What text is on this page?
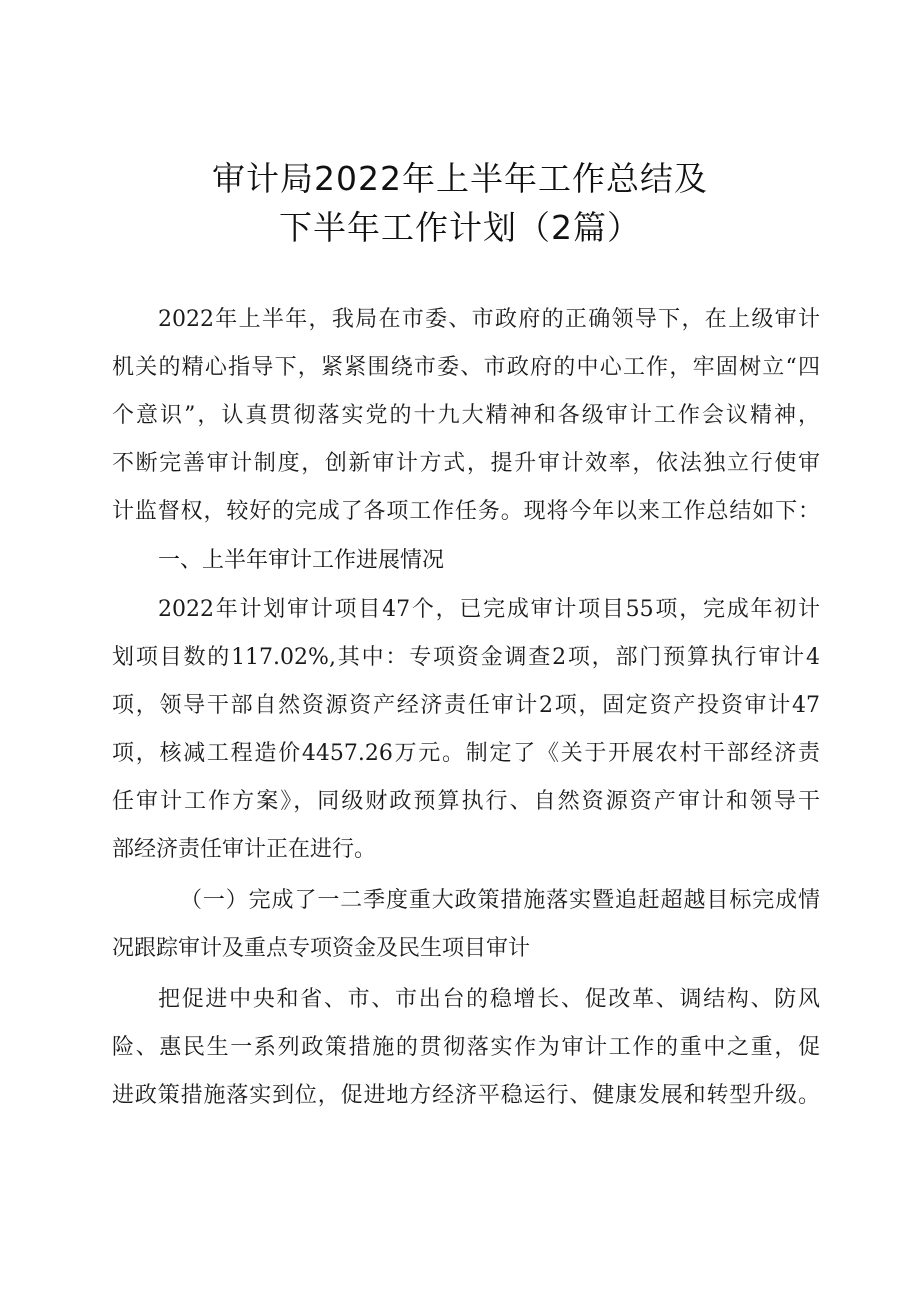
审计局2022年上半年工作总结及
下半年工作计划（2篇）
2022年上半年，我局在市委、市政府的正确领导下，在上级审计
机关的精心指导下，紧紧围绕市委、市政府的中心工作，牢固树立“四
个意识”，认真贯彻落实党的十九大精神和各级审计工作会议精神，
不断完善审计制度，创新审计方式，提升审计效率，依法独立行使审
计监督权，较好的完成了各项工作任务。现将今年以来工作总结如下：
一、上半年审计工作进展情况
2022年计划审计项目47个，已完成审计项目55项，完成年初计
划项目数的117.02%,其中：专项资金调查2项，部门预算执行审计4
项，领导干部自然资源资产经济责任审计2项，固定资产投资审计47
项，核减工程造价4457.26万元。制定了《关于开展农村干部经济责
任审计工作方案》，同级财政预算执行、自然资源资产审计和领导干
部经济责任审计正在进行。
（一）完成了一二季度重大政策措施落实暨追赶超越目标完成情
况跟踪审计及重点专项资金及民生项目审计
把促进中央和省、市、市出台的稳增长、促改革、调结构、防风
险、惠民生一系列政策措施的贯彻落实作为审计工作的重中之重，促
进政策措施落实到位，促进地方经济平稳运行、健康发展和转型升级。
